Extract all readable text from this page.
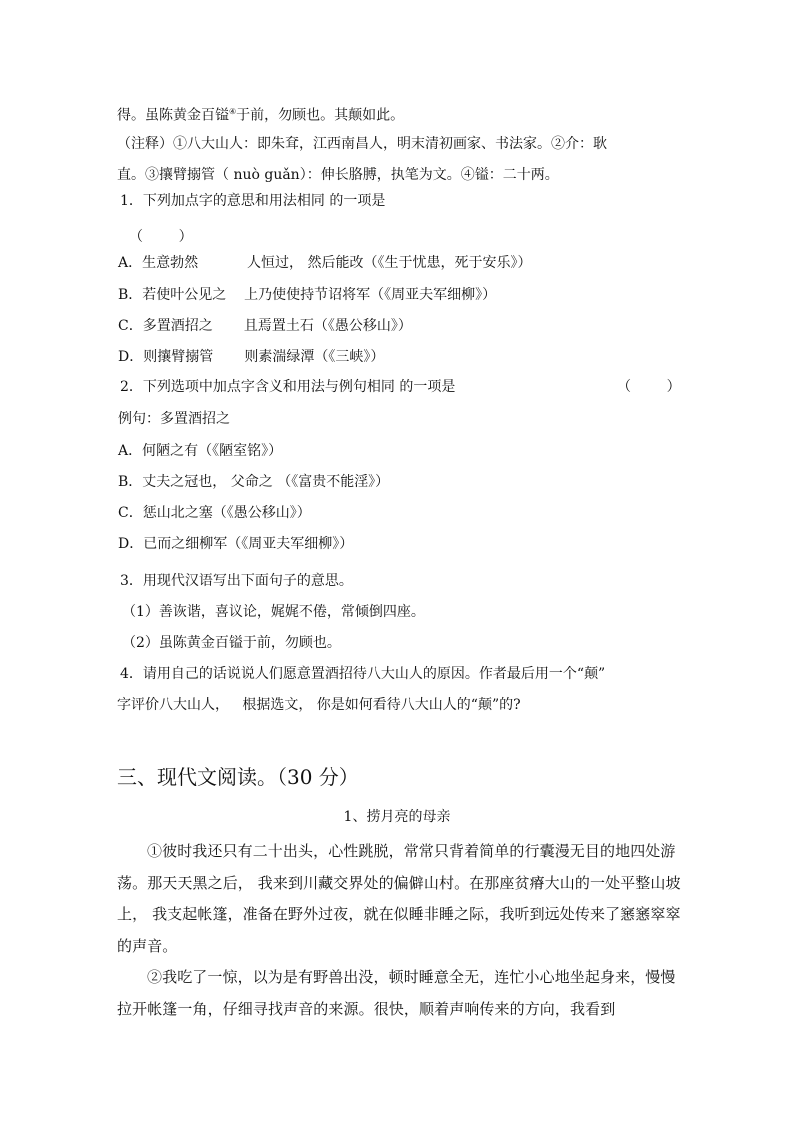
得。虽陈黄金百镒④于前，勿顾也。其颠如此。
（注释）①八大山人：即朱耷，江西南昌人，明末清初画家、书法家。②介：耿
直。③攘臂搦管（ nuò guǎn）：伸长胳膊，执笔为文。④镒：二十两。
1．下列加点字的意思和用法相同 的一项是
（        ）
A．生意勃然           人恒过， 然后能改（《生于忧患，死于安乐》）
B．若使叶公见之    上乃使使持节诏将军（《周亚夫军细柳》）
C．多置酒招之       且焉置土石（《愚公移山》）
D．则攘臂搦管       则素湍绿潭（《三峡》）
2．下列选项中加点字含义和用法与例句相同 的一项是	（        ）
例句：多置酒招之
A．何陋之有（《陋室铭》）
B．丈夫之冠也， 父命之 （《富贵不能淫》）
C．惩山北之塞（《愚公移山》）
D．已而之细柳军（《周亚夫军细柳》）
3．用现代汉语写出下面句子的意思。
（1）善诙谐，喜议论，娓娓不倦，常倾倒四座。
（2）虽陈黄金百镒于前，勿顾也。
4．请用自己的话说说人们愿意置酒招待八大山人的原因。作者最后用一个“颠”
字评价八大山人，   根据选文， 你是如何看待八大山人的“颠”的?
三、现代文阅读。（30 分）
1、捞月亮的母亲
①彼时我还只有二十出头，心性跳脱，常常只背着简单的行囊漫无目的地四处游荡。那天天黑之后， 我来到川藏交界处的偏僻山村。在那座贫瘠大山的一处平整山坡上， 我支起帐篷，准备在野外过夜，就在似睡非睡之际，我听到远处传来了窸窸窣窣的声音。
②我吃了一惊，以为是有野兽出没，顿时睡意全无，连忙小心地坐起身来，慢慢拉开帐篷一角，仔细寻找声音的来源。很快，顺着声响传来的方向，我看到
